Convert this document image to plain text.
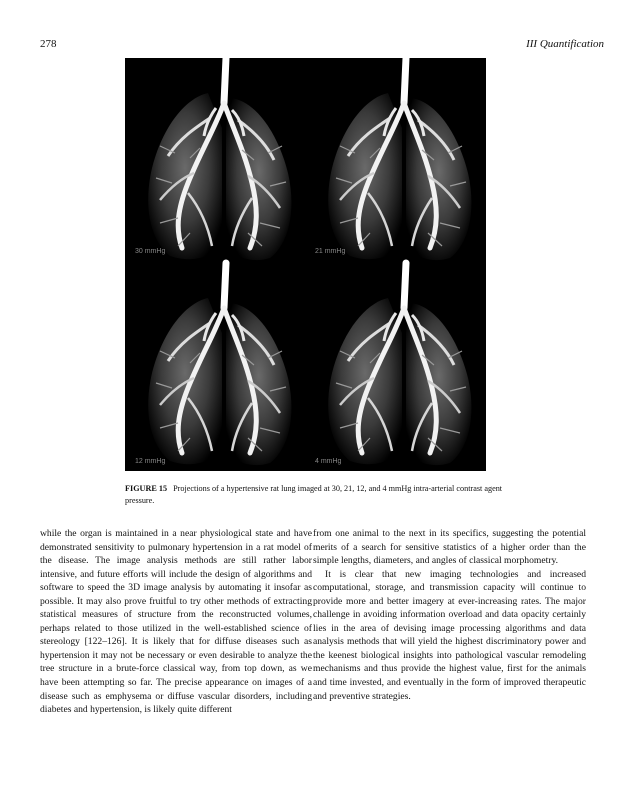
278	III Quantification
30 mmHg	21 mmHg
12 mmHg	4 mmHg
FIGURE 15 Projections of a hypertensive rat lung imaged at 30, 21, 12, and 4 mmHg intra-arterial contrast agent pressure.

while the organ is maintained in a near physiological state and have demonstrated sensitivity to pulmonary hypertension in a rat model of the disease. The image analysis methods are still rather labor intensive, and future efforts will include the design of algorithms and software to speed the 3D image analysis by automating it insofar as possible. It may also prove fruitful to try other methods of extracting statistical measures of structure from the reconstructed volumes, perhaps related to those utilized in the well-established science of stereology [122–126]. It is likely that for diffuse diseases such as hypertension it may not be necessary or even desirable to analyze the tree structure in a brute-force classical way, from top down, as we have been attempting so far. The precise appearance on images of a disease such as emphysema or diffuse vascular disorders, including diabetes and hypertension, is likely quite different

from one animal to the next in its specifics, suggesting the potential merits of a search for sensitive statistics of a higher order than the simple lengths, diameters, and angles of classical morphometry.

It is clear that new imaging technologies and increased computational, storage, and transmission capacity will continue to provide more and better imagery at ever-increasing rates. The major challenge in avoiding information overload and data opacity certainly lies in the area of devising image processing algorithms and data analysis methods that will yield the highest discriminatory power and the keenest biological insights into pathological vascular remodeling mechanisms and thus provide the highest value, first for the animals and time invested, and eventually in the form of improved therapeutic and preventive strategies.
